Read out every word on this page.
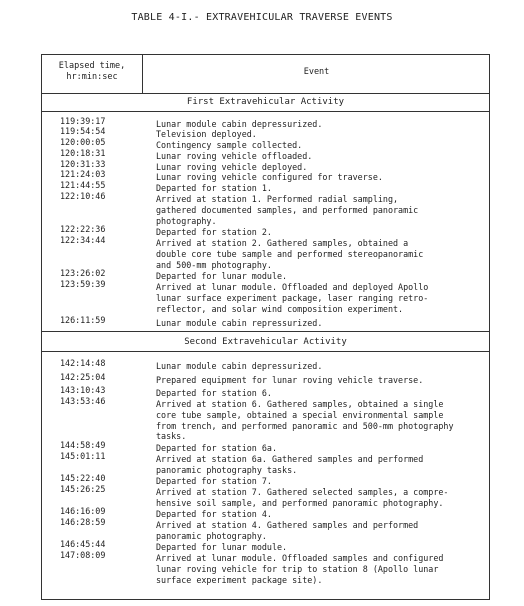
TABLE 4-I.- EXTRAVEHICULAR TRAVERSE EVENTS
Elapsed time,
hr:min:sec	Event
First Extravehicular Activity
119:39:17	Lunar module cabin depressurized.
119:54:54	Television deployed.
120:00:05	Contingency sample collected.
120:18:31	Lunar roving vehicle offloaded.
120:31:33	Lunar roving vehicle deployed.
121:24:03	Lunar roving vehicle configured for traverse.
121:44:55	Departed for station 1.
122:10:46	Arrived at station 1. Performed radial sampling,
gathered documented samples, and performed panoramic
photography.
122:22:36	Departed for station 2.
122:34:44	Arrived at station 2. Gathered samples, obtained a
double core tube sample and performed stereopanoramic
and 500-mm photography.
123:26:02	Departed for lunar module.
123:59:39	Arrived at lunar module. Offloaded and deployed Apollo
lunar surface experiment package, laser ranging retro-
reflector, and solar wind composition experiment.
126:11:59	Lunar module cabin repressurized.
Second Extravehicular Activity
142:14:48	Lunar module cabin depressurized.
142:25:04	Prepared equipment for lunar roving vehicle traverse.
143:10:43	Departed for station 6.
143:53:46	Arrived at station 6. Gathered samples, obtained a single
core tube sample, obtained a special environmental sample
from trench, and performed panoramic and 500-mm photography
tasks.
144:58:49	Departed for station 6a.
145:01:11	Arrived at station 6a. Gathered samples and performed
panoramic photography tasks.
145:22:40	Departed for station 7.
145:26:25	Arrived at station 7. Gathered selected samples, a compre-
hensive soil sample, and performed panoramic photography.
146:16:09	Departed for station 4.
146:28:59	Arrived at station 4. Gathered samples and performed
panoramic photography.
146:45:44	Departed for lunar module.
147:08:09	Arrived at lunar module. Offloaded samples and configured
lunar roving vehicle for trip to station 8 (Apollo lunar
surface experiment package site).
